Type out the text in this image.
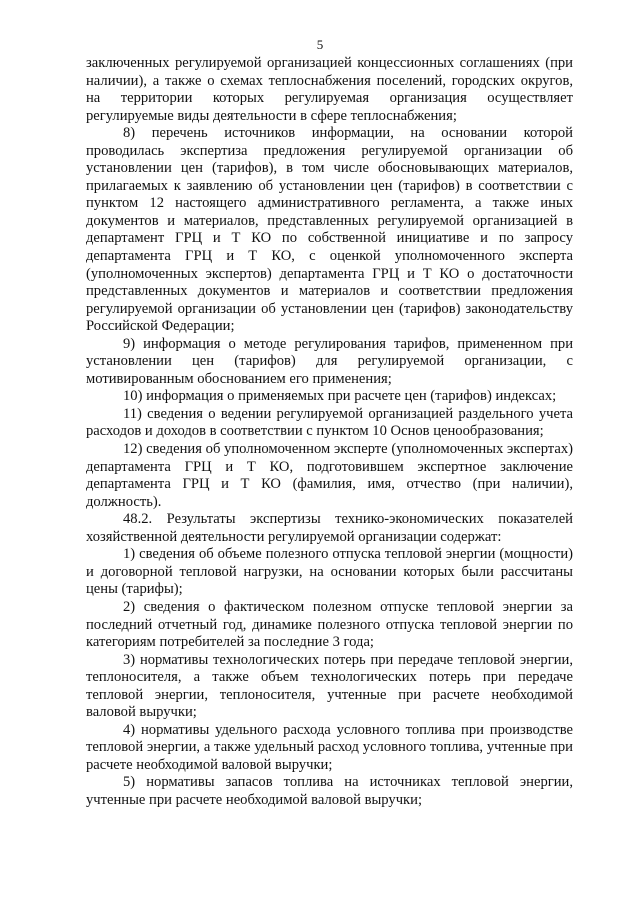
5

заключенных регулируемой организацией концессионных соглашениях (при наличии), а также о схемах теплоснабжения поселений, городских округов, на территории которых регулируемая организация осуществляет регулируемые виды деятельности в сфере теплоснабжения;

8) перечень источников информации, на основании которой проводилась экспертиза предложения регулируемой организации об установлении цен (тарифов), в том числе обосновывающих материалов, прилагаемых к заявлению об установлении цен (тарифов) в соответствии с пунктом 12 настоящего административного регламента, а также иных документов и материалов, представленных регулируемой организацией в департамент ГРЦ и Т КО по собственной инициативе и по запросу департамента ГРЦ и Т КО, с оценкой уполномоченного эксперта (уполномоченных экспертов) департамента ГРЦ и Т КО о достаточности представленных документов и материалов и соответствии предложения регулируемой организации об установлении цен (тарифов) законодательству Российской Федерации;

9) информация о методе регулирования тарифов, примененном при установлении цен (тарифов) для регулируемой организации, с мотивированным обоснованием его применения;

10) информация о применяемых при расчете цен (тарифов) индексах;

11) сведения о ведении регулируемой организацией раздельного учета расходов и доходов в соответствии с пунктом 10 Основ ценообразования;

12) сведения об уполномоченном эксперте (уполномоченных экспертах) департамента ГРЦ и Т КО, подготовившем экспертное заключение департамента ГРЦ и Т КО (фамилия, имя, отчество (при наличии), должность).

48.2. Результаты экспертизы технико-экономических показателей хозяйственной деятельности регулируемой организации содержат:

1) сведения об объеме полезного отпуска тепловой энергии (мощности) и договорной тепловой нагрузки, на основании которых были рассчитаны цены (тарифы);

2) сведения о фактическом полезном отпуске тепловой энергии за последний отчетный год, динамике полезного отпуска тепловой энергии по категориям потребителей за последние 3 года;

3) нормативы технологических потерь при передаче тепловой энергии, теплоносителя, а также объем технологических потерь при передаче тепловой энергии, теплоносителя, учтенные при расчете необходимой валовой выручки;

4) нормативы удельного расхода условного топлива при производстве тепловой энергии, а также удельный расход условного топлива, учтенные при расчете необходимой валовой выручки;

5) нормативы запасов топлива на источниках тепловой энергии, учтенные при расчете необходимой валовой выручки;
